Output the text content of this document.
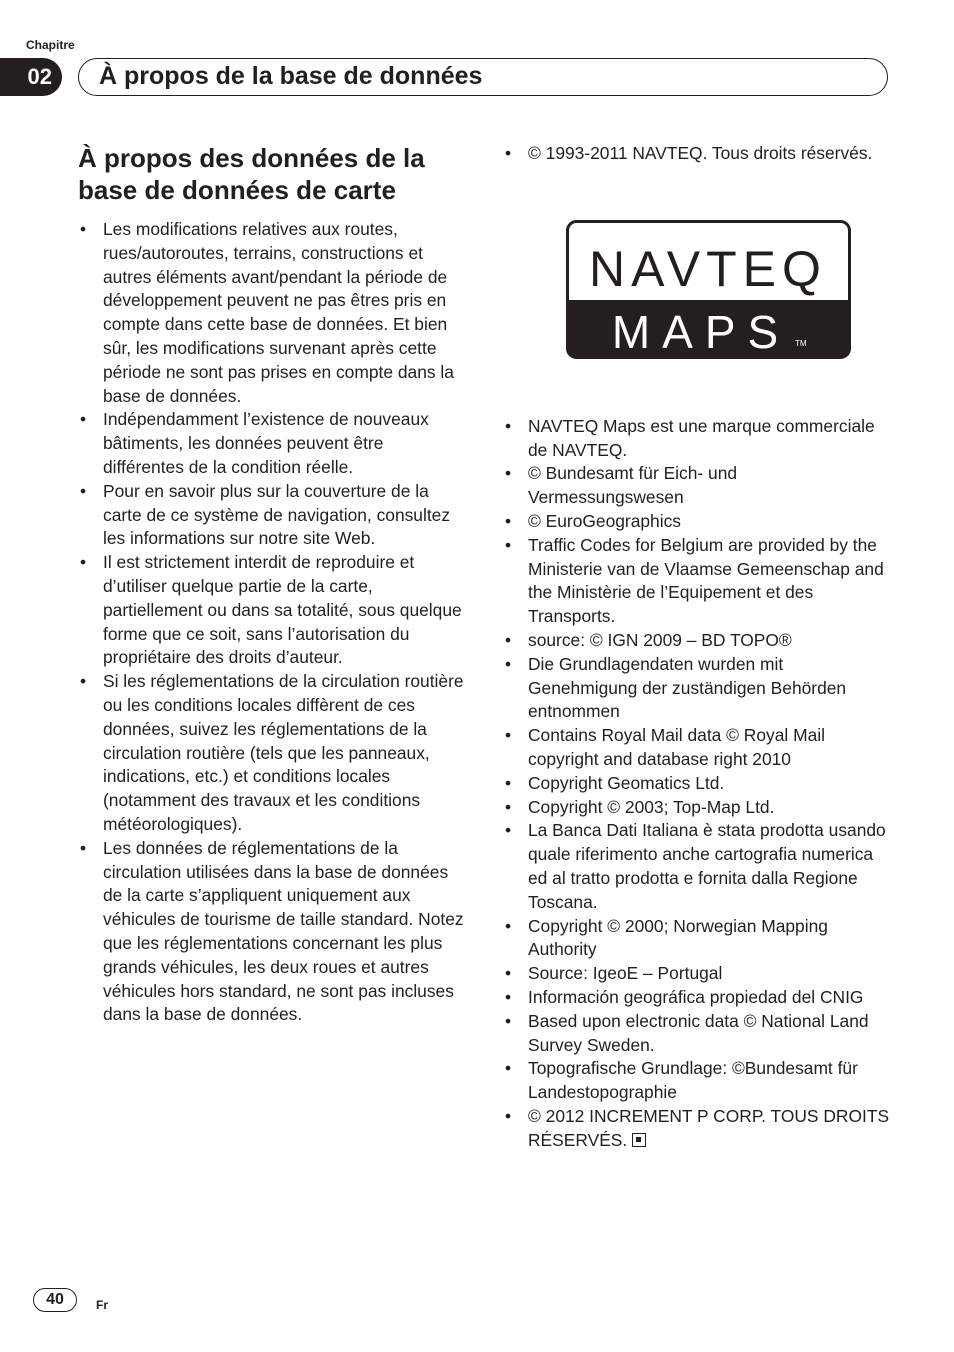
Chapitre
02	À propos de la base de données
À propos des données de la base de données de carte
• Les modifications relatives aux routes, rues/autoroutes, terrains, constructions et autres éléments avant/pendant la période de développement peuvent ne pas êtres pris en compte dans cette base de données. Et bien sûr, les modifications survenant après cette période ne sont pas prises en compte dans la base de données.
• Indépendamment l’existence de nouveaux bâtiments, les données peuvent être différentes de la condition réelle.
• Pour en savoir plus sur la couverture de la carte de ce système de navigation, consultez les informations sur notre site Web.
• Il est strictement interdit de reproduire et d’utiliser quelque partie de la carte, partiellement ou dans sa totalité, sous quelque forme que ce soit, sans l’autorisation du propriétaire des droits d’auteur.
• Si les réglementations de la circulation routière ou les conditions locales diffèrent de ces données, suivez les réglementations de la circulation routière (tels que les panneaux, indications, etc.) et conditions locales (notamment des travaux et les conditions météorologiques).
• Les données de réglementations de la circulation utilisées dans la base de données de la carte s’appliquent uniquement aux véhicules de tourisme de taille standard. Notez que les réglementations concernant les plus grands véhicules, les deux roues et autres véhicules hors standard, ne sont pas incluses dans la base de données.
• © 1993-2011 NAVTEQ. Tous droits réservés.
NAVTEQ
MAPS TM
• NAVTEQ Maps est une marque commerciale de NAVTEQ.
• © Bundesamt für Eich- und Vermessungswesen
• © EuroGeographics
• Traffic Codes for Belgium are provided by the Ministerie van de Vlaamse Gemeenschap and the Ministèrie de l’Equipement et des Transports.
• source: © IGN 2009 – BD TOPO®
• Die Grundlagendaten wurden mit Genehmigung der zuständigen Behörden entnommen
• Contains Royal Mail data © Royal Mail copyright and database right 2010
• Copyright Geomatics Ltd.
• Copyright © 2003; Top-Map Ltd.
• La Banca Dati Italiana è stata prodotta usando quale riferimento anche cartografia numerica ed al tratto prodotta e fornita dalla Regione Toscana.
• Copyright © 2000; Norwegian Mapping Authority
• Source: IgeoE – Portugal
• Información geográfica propiedad del CNIG
• Based upon electronic data © National Land Survey Sweden.
• Topografische Grundlage: ©Bundesamt für Landestopographie
• © 2012 INCREMENT P CORP. TOUS DROITS RÉSERVÉS.
40	Fr
